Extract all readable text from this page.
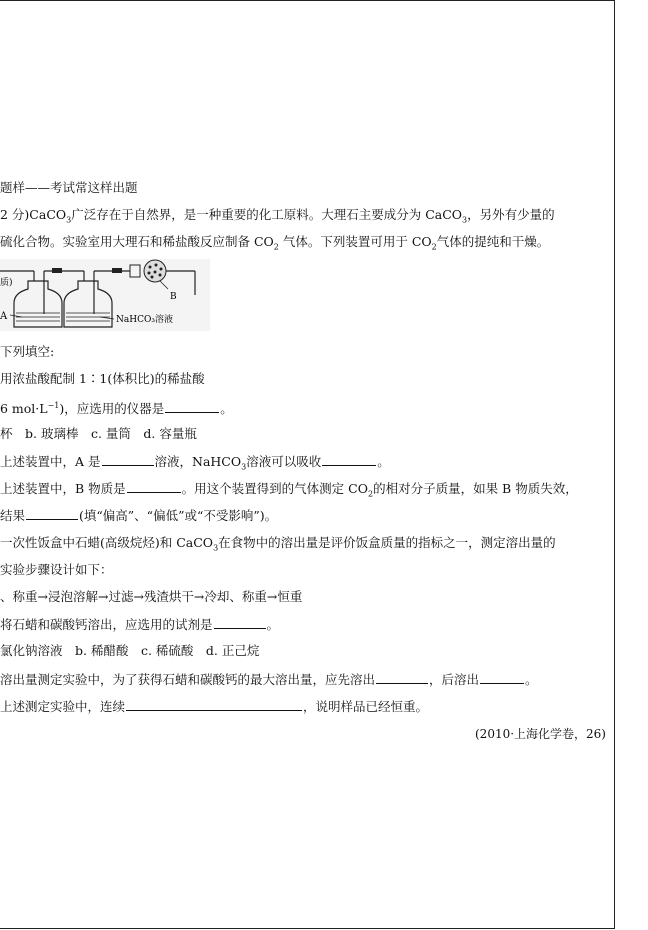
题样——考试常这样出题
2 分)CaCO$_3$广泛存在于自然界，是一种重要的化工原料。大理石主要成分为 CaCO$_3$，另外有少量的
硫化合物。实验室用大理石和稀盐酸反应制备 $CO_2$ 气体。下列装置可用于 $CO_2$气体的提纯和干燥。
质)
A
B
NaHCO₃溶液
下列填空:
用浓盐酸配制 1∶1(体积比)的稀盐酸
6 $mol\cdot L^{-1}$)，应选用的仪器是	。
杯　b. 玻璃棒　c. 量筒　d. 容量瓶
上述装置中，A 是	溶液，NaHCO$_3$溶液可以吸收	。
上述装置中，B 物质是	。用这个装置得到的气体测定 $CO_2$的相对分子质量，如果 B 物质失效，
结果	(填“偏高”、“偏低”或“不受影响”)。
一次性饭盒中石蜡(高级烷烃)和 CaCO$_3$在食物中的溶出量是评价饭盒质量的指标之一，测定溶出量的
实验步骤设计如下：
、称重→浸泡溶解→过滤→残渣烘干→冷却、称重→恒重
将石蜡和碳酸钙溶出，应选用的试剂是	。
氯化钠溶液　b. 稀醋酸　c. 稀硫酸　d. 正己烷
溶出量测定实验中，为了获得石蜡和碳酸钙的最大溶出量，应先溶出	，后溶出	。
上述测定实验中，连续	，说明样品已经恒重。
(2010·上海化学卷，26)
